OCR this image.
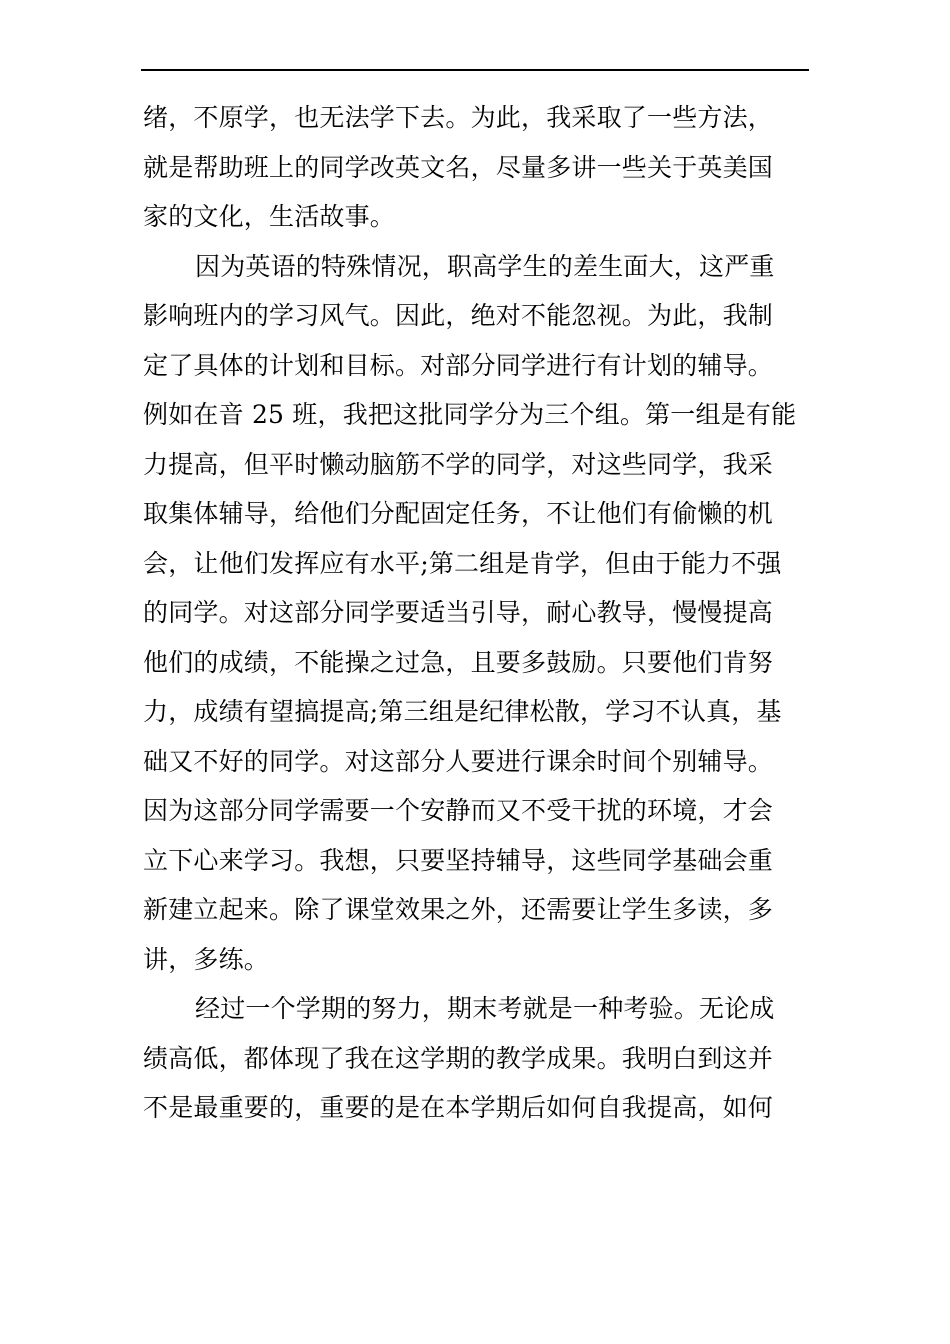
绪，不原学，也无法学下去。为此，我采取了一些方法，
就是帮助班上的同学改英文名，尽量多讲一些关于英美国
家的文化，生活故事。
因为英语的特殊情况，职高学生的差生面大，这严重
影响班内的学习风气。因此，绝对不能忽视。为此，我制
定了具体的计划和目标。对部分同学进行有计划的辅导。
例如在音 25 班，我把这批同学分为三个组。第一组是有能
力提高，但平时懒动脑筋不学的同学，对这些同学，我采
取集体辅导，给他们分配固定任务，不让他们有偷懒的机
会，让他们发挥应有水平;第二组是肯学，但由于能力不强
的同学。对这部分同学要适当引导，耐心教导，慢慢提高
他们的成绩，不能操之过急，且要多鼓励。只要他们肯努
力，成绩有望搞提高;第三组是纪律松散，学习不认真，基
础又不好的同学。对这部分人要进行课余时间个别辅导。
因为这部分同学需要一个安静而又不受干扰的环境，才会
立下心来学习。我想，只要坚持辅导，这些同学基础会重
新建立起来。除了课堂效果之外，还需要让学生多读，多
讲，多练。
经过一个学期的努力，期末考就是一种考验。无论成
绩高低，都体现了我在这学期的教学成果。我明白到这并
不是最重要的，重要的是在本学期后如何自我提高，如何
